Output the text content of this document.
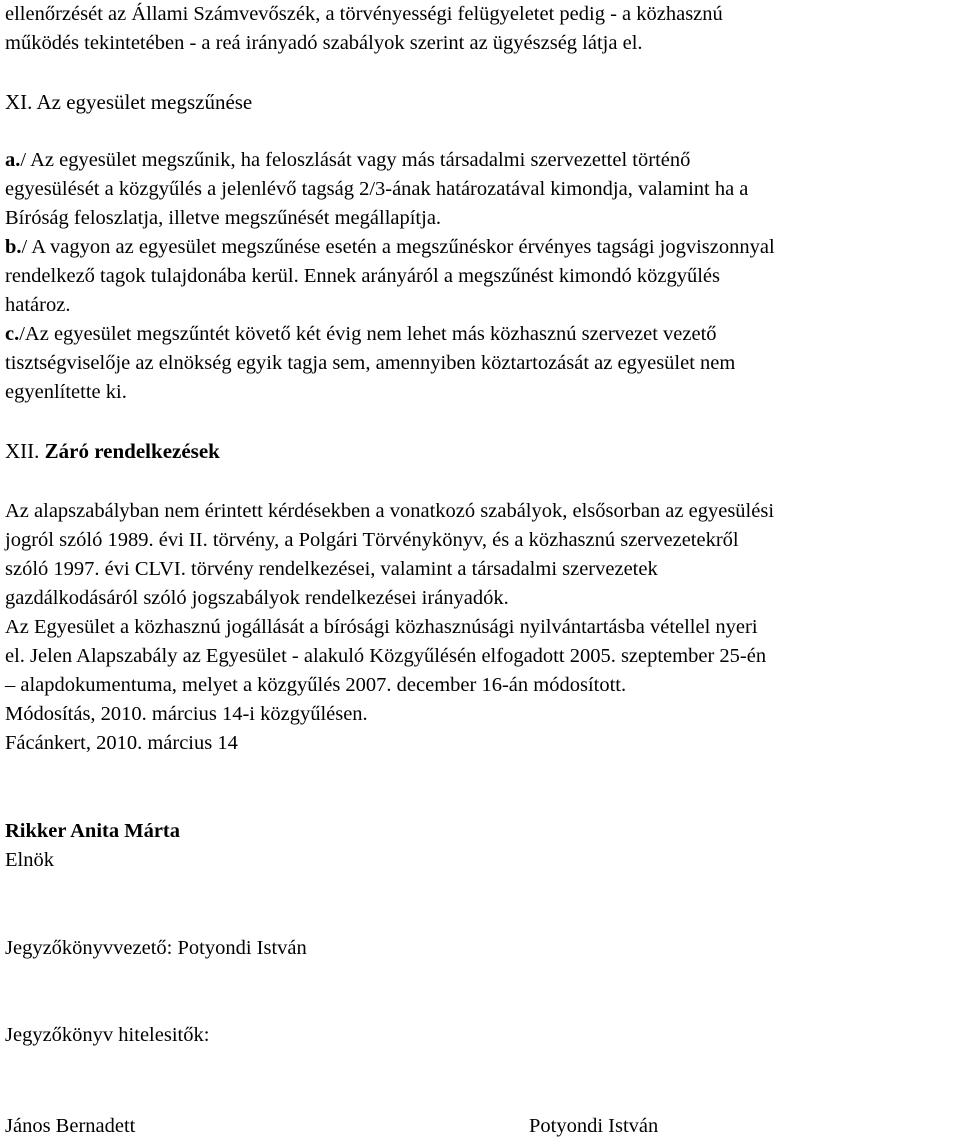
ellenőrzését az Állami Számvevőszék, a törvényességi felügyeletet pedig - a közhasznú
működés tekintetében - a reá irányadó szabályok szerint az ügyészség látja el.
XI. Az egyesület megszűnése
a./ Az egyesület megszűnik, ha feloszlását vagy más társadalmi szervezettel történő
egyesülését a közgyűlés a jelenlévő tagság 2/3-ának határozatával kimondja, valamint ha a
Bíróság feloszlatja, illetve megszűnését megállapítja.
b./ A vagyon az egyesület megszűnése esetén a megszűnéskor érvényes tagsági jogviszonnyal
rendelkező tagok tulajdonába kerül. Ennek arányáról a megszűnést kimondó közgyűlés
határoz.
c./Az egyesület megszűntét követő két évig nem lehet más közhasznú szervezet vezető
tisztségviselője az elnökség egyik tagja sem, amennyiben köztartozását az egyesület nem
egyenlítette ki.
XII. Záró rendelkezések
Az alapszabályban nem érintett kérdésekben a vonatkozó szabályok, elsősorban az egyesülési
jogról szóló 1989. évi II. törvény, a Polgári Törvénykönyv, és a közhasznú szervezetekről
szóló 1997. évi CLVI. törvény rendelkezései, valamint a társadalmi szervezetek
gazdálkodásáról szóló jogszabályok rendelkezései irányadók.
Az Egyesület a közhasznú jogállását a bírósági közhasznúsági nyilvántartásba vétellel nyeri
el. Jelen Alapszabály az Egyesület - alakuló Közgyűlésén elfogadott 2005. szeptember 25-én
– alapdokumentuma, melyet a közgyűlés 2007. december 16-án módosított.
Módosítás, 2010. március 14-i közgyűlésen.
Fácánkert, 2010. március 14
Rikker Anita Márta
Elnök
Jegyzőkönyvvezető: Potyondi István
Jegyzőkönyv hitelesitők:
János Bernadett	Potyondi István
